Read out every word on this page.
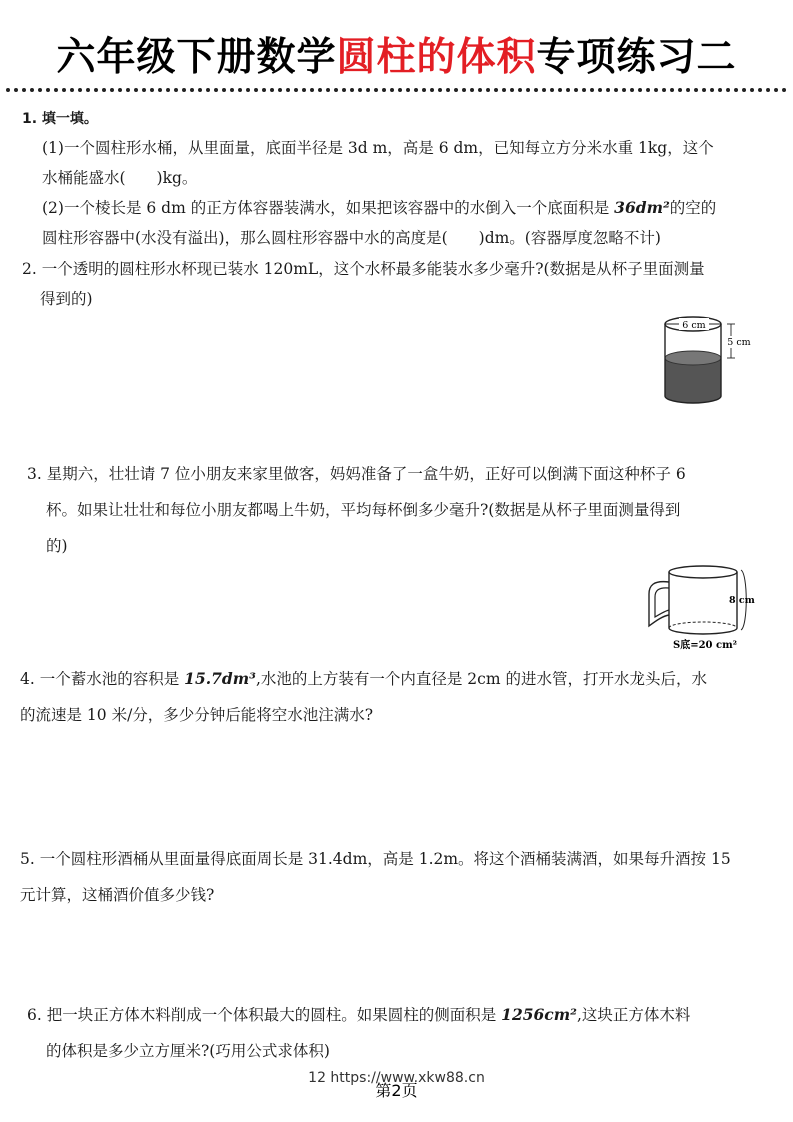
六年级下册数学圆柱的体积专项练习二
1. 填一填。
(1)一个圆柱形水桶，从里面量，底面半径是 3d m，高是 6 dm，已知每立方分米水重 1kg，这个
水桶能盛水(　　)kg。
(2)一个棱长是 6 dm 的正方体容器装满水，如果把该容器中的水倒入一个底面积是 36dm²的空的
圆柱形容器中(水没有溢出)，那么圆柱形容器中水的高度是(　　)dm。(容器厚度忽略不计)
2. 一个透明的圆柱形水杯现已装水 120mL，这个水杯最多能装水多少毫升?(数据是从杯子里面测量
得到的)
6 cm
5 cm
3. 星期六，壮壮请 7 位小朋友来家里做客，妈妈准备了一盒牛奶，正好可以倒满下面这种杯子 6
杯。如果让壮壮和每位小朋友都喝上牛奶，平均每杯倒多少毫升?(数据是从杯子里面测量得到
的)
8 cm
S底=20 cm²
4. 一个蓄水池的容积是 15.7dm³,水池的上方装有一个内直径是 2cm 的进水管，打开水龙头后，水
的流速是 10 米/分，多少分钟后能将空水池注满水?
5. 一个圆柱形酒桶从里面量得底面周长是 31.4dm，高是 1.2m。将这个酒桶装满酒，如果每升酒按 15
元计算，这桶酒价值多少钱?
6. 把一块正方体木料削成一个体积最大的圆柱。如果圆柱的侧面积是 1256cm²,这块正方体木料
的体积是多少立方厘米?(巧用公式求体积)
12 https://www.xkw88.cn
第2页
